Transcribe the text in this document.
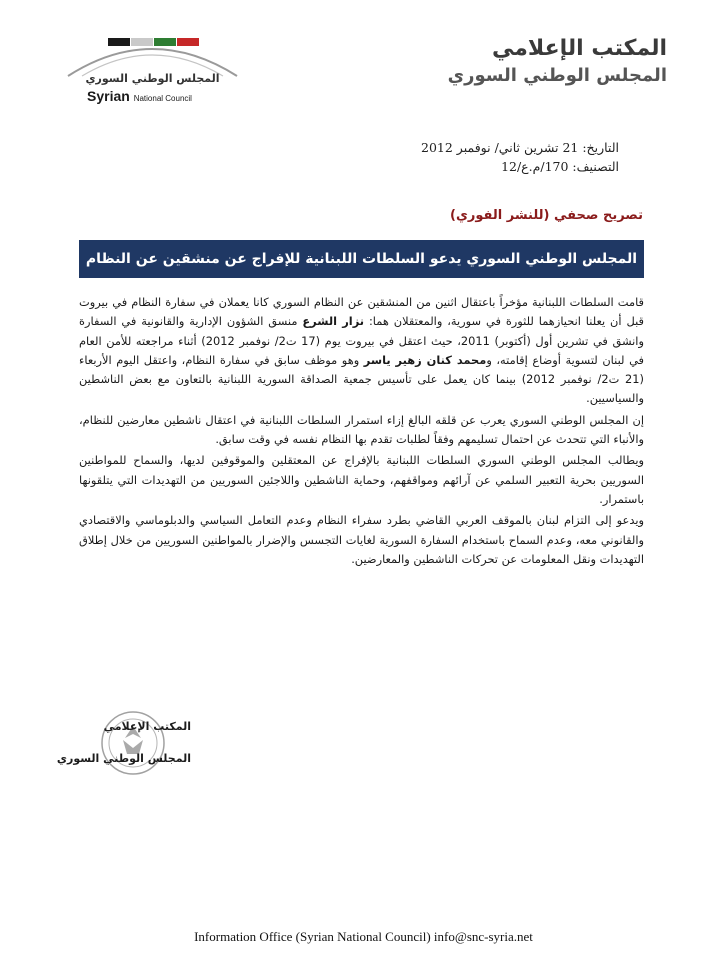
المجلس الوطني السوري
Syrian National Council
المكتب الإعلامي
المجلس الوطني السوري
التاريخ: 21 تشرين ثاني/ نوفمبر 2012
التصنيف: 170/م.ع/12
تصريح صحفي (للنشر الفوري)
المجلس الوطني السوري يدعو السلطات اللبنانية للإفراج عن منشقين عن النظام

قامت السلطات اللبنانية مؤخراً باعتقال اثنين من المنشقين عن النظام السوري كانا يعملان في سفارة النظام في بيروت قبل أن يعلنا انحيازهما للثورة في سورية، والمعتقلان هما: نزار الشرع منسق الشؤون الإدارية والقانونية في السفارة وانشق في تشرين أول (أكتوبر) 2011، حيث اعتقل في بيروت يوم (17 ت2/ نوفمبر 2012) أثناء مراجعته للأمن العام في لبنان لتسوية أوضاع إقامته، ومحمد كنان زهير ياسر وهو موظف سابق في سفارة النظام، واعتقل اليوم الأربعاء (21 ت2/ نوفمبر 2012) بينما كان يعمل على تأسيس جمعية الصداقة السورية اللبنانية بالتعاون مع بعض الناشطين والسياسيين.

إن المجلس الوطني السوري يعرب عن قلقه البالغ إزاء استمرار السلطات اللبنانية في اعتقال ناشطين معارضين للنظام، والأنباء التي تتحدث عن احتمال تسليمهم وفقاً لطلبات تقدم بها النظام نفسه في وقت سابق.

ويطالب المجلس الوطني السوري السلطات اللبنانية بالإفراج عن المعتقلين والموقوفين لديها، والسماح للمواطنين السوريين بحرية التعبير السلمي عن آرائهم ومواقفهم، وحماية الناشطين واللاجئين السوريين من التهديدات التي يتلقونها باستمرار.

ويدعو إلى التزام لبنان بالموقف العربي القاضي بطرد سفراء النظام وعدم التعامل السياسي والدبلوماسي والاقتصادي والقانوني معه، وعدم السماح باستخدام السفارة السورية لغايات التجسس والإضرار بالمواطنين السوريين من خلال إطلاق التهديدات ونقل المعلومات عن تحركات الناشطين والمعارضين.

المكتب الإعلامي
المجلس الوطني السوري
Information Office (Syrian National Council) info@snc-syria.net
